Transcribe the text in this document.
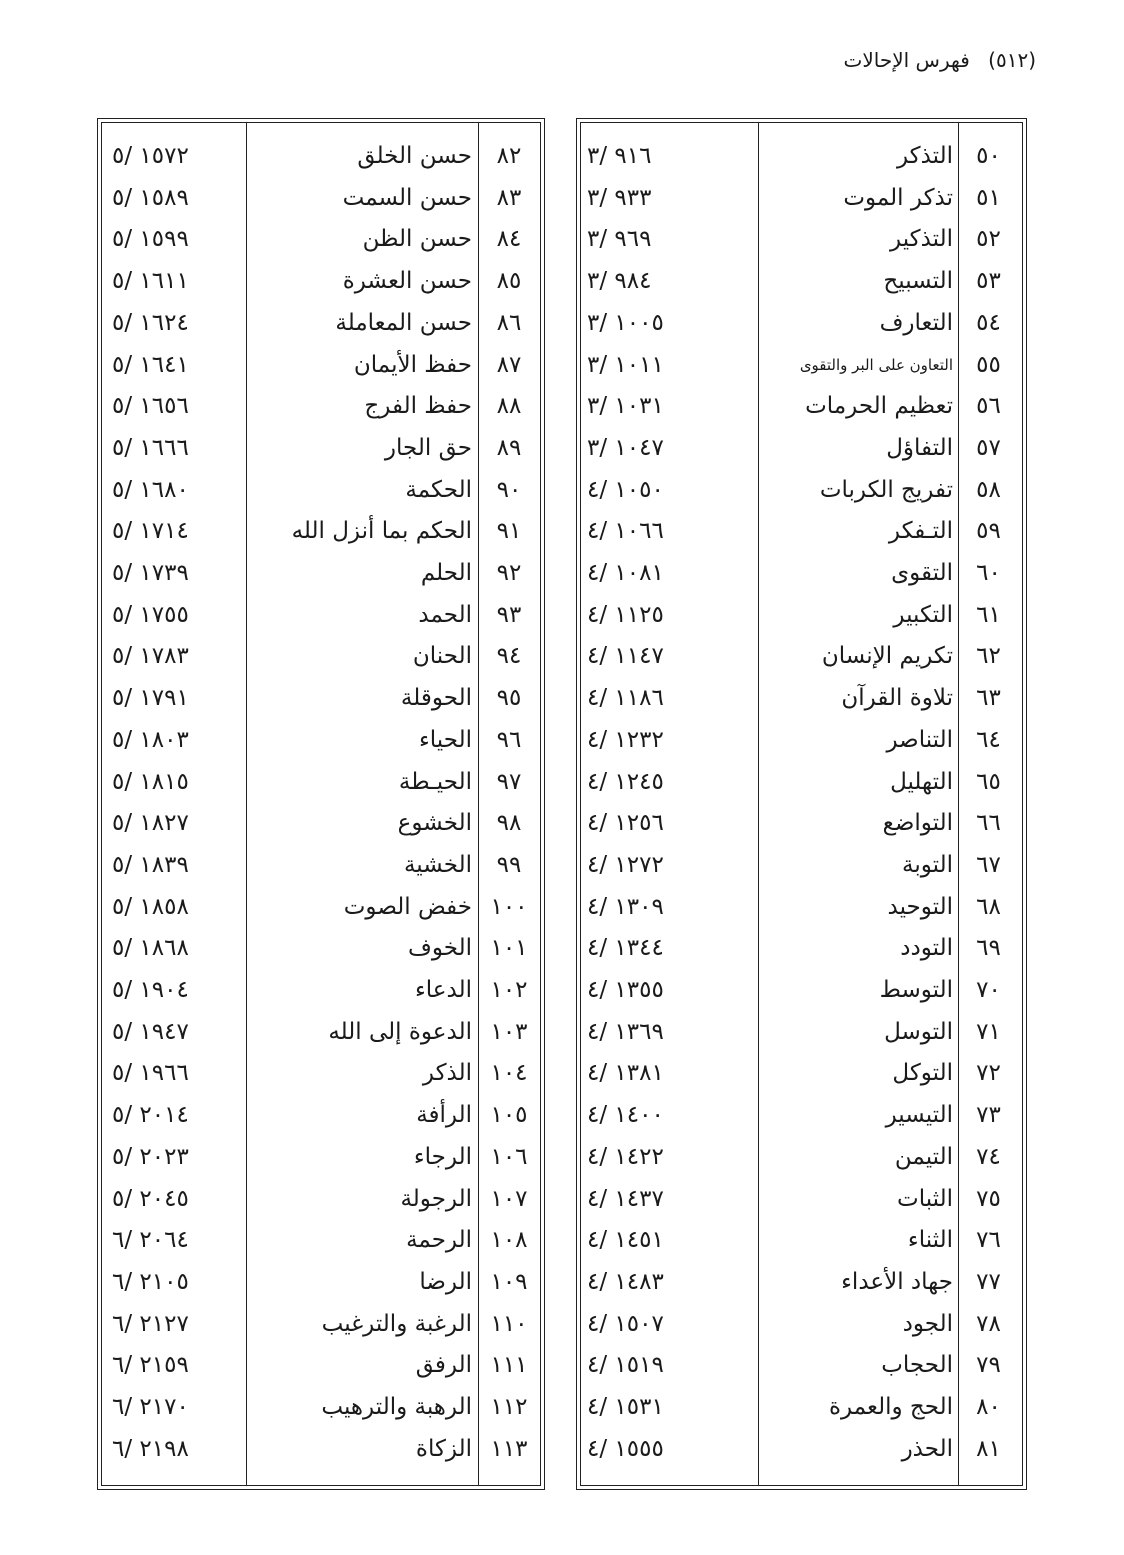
(٥١٢) فهرس الإحالات
٥٠
التذكر
٩١٦ /٣
٥١
تذكر الموت
٩٣٣ /٣
٥٢
التذكير
٩٦٩ /٣
٥٣
التسبيح
٩٨٤ /٣
٥٤
التعارف
١٠٠٥ /٣
٥٥
التعاون على البر والتقوى
١٠١١ /٣
٥٦
تعظيم الحرمات
١٠٣١ /٣
٥٧
التفاؤل
١٠٤٧ /٣
٥٨
تفريج الكربات
١٠٥٠ /٤
٥٩
التـفكر
١٠٦٦ /٤
٦٠
التقوى
١٠٨١ /٤
٦١
التكبير
١١٢٥ /٤
٦٢
تكريم الإنسان
١١٤٧ /٤
٦٣
تلاوة القرآن
١١٨٦ /٤
٦٤
التناصر
١٢٣٢ /٤
٦٥
التهليل
١٢٤٥ /٤
٦٦
التواضع
١٢٥٦ /٤
٦٧
التوبة
١٢٧٢ /٤
٦٨
التوحيد
١٣٠٩ /٤
٦٩
التودد
١٣٤٤ /٤
٧٠
التوسط
١٣٥٥ /٤
٧١
التوسل
١٣٦٩ /٤
٧٢
التوكل
١٣٨١ /٤
٧٣
التيسير
١٤٠٠ /٤
٧٤
التيمن
١٤٢٢ /٤
٧٥
الثبات
١٤٣٧ /٤
٧٦
الثناء
١٤٥١ /٤
٧٧
جهاد الأعداء
١٤٨٣ /٤
٧٨
الجود
١٥٠٧ /٤
٧٩
الحجاب
١٥١٩ /٤
٨٠
الحج والعمرة
١٥٣١ /٤
٨١
الحذر
١٥٥٥ /٤
٨٢
حسن الخلق
١٥٧٢ /٥
٨٣
حسن السمت
١٥٨٩ /٥
٨٤
حسن الظن
١٥٩٩ /٥
٨٥
حسن العشرة
١٦١١ /٥
٨٦
حسن المعاملة
١٦٢٤ /٥
٨٧
حفظ الأيمان
١٦٤١ /٥
٨٨
حفظ الفرج
١٦٥٦ /٥
٨٩
حق الجار
١٦٦٦ /٥
٩٠
الحكمة
١٦٨٠ /٥
٩١
الحكم بما أنزل الله
١٧١٤ /٥
٩٢
الحلم
١٧٣٩ /٥
٩٣
الحمد
١٧٥٥ /٥
٩٤
الحنان
١٧٨٣ /٥
٩٥
الحوقلة
١٧٩١ /٥
٩٦
الحياء
١٨٠٣ /٥
٩٧
الحيـطة
١٨١٥ /٥
٩٨
الخشوع
١٨٢٧ /٥
٩٩
الخشية
١٨٣٩ /٥
١٠٠
خفض الصوت
١٨٥٨ /٥
١٠١
الخوف
١٨٦٨ /٥
١٠٢
الدعاء
١٩٠٤ /٥
١٠٣
الدعوة إلى الله
١٩٤٧ /٥
١٠٤
الذكر
١٩٦٦ /٥
١٠٥
الرأفة
٢٠١٤ /٥
١٠٦
الرجاء
٢٠٢٣ /٥
١٠٧
الرجولة
٢٠٤٥ /٥
١٠٨
الرحمة
٢٠٦٤ /٦
١٠٩
الرضا
٢١٠٥ /٦
١١٠
الرغبة والترغيب
٢١٢٧ /٦
١١١
الرفق
٢١٥٩ /٦
١١٢
الرهبة والترهيب
٢١٧٠ /٦
١١٣
الزكاة
٢١٩٨ /٦
